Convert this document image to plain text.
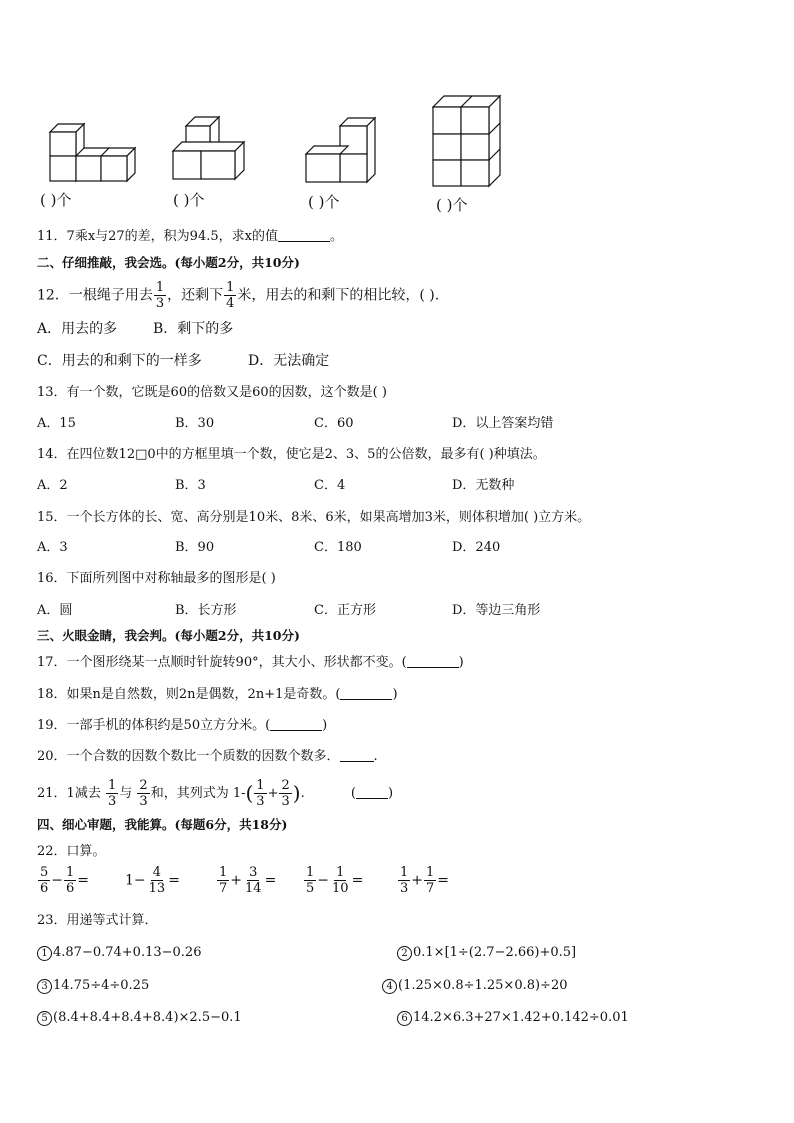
( )个	( )个	( )个	( )个
11．7乘x与27的差，积为94.5，求x的值	。
二、仔细推敲，我会选。(每小题2分，共10分)
12．一根绳子用去 $\frac{1}{3}$ ，还剩下 $\frac{1}{4}$ 米，用去的和剩下的相比较，( ).
A．用去的多	B．剩下的多
C．用去的和剩下的一样多	D．无法确定
13．有一个数，它既是60的倍数又是60的因数，这个数是( )
A．15	B．30	C．60	D．以上答案均错
14．在四位数12□0中的方框里填一个数，使它是2、3、5的公倍数，最多有( )种填法。
A．2	B．3	C．4	D．无数种
15．一个长方体的长、宽、高分别是10米、8米、6米，如果高增加3米，则体积增加( )立方米。
A．3	B．90	C．180	D．240
16．下面所列图中对称轴最多的图形是( )
A．圆	B．长方形	C．正方形	D．等边三角形
三、火眼金睛，我会判。(每小题2分，共10分)
17．一个图形绕某一点顺时针旋转90°，其大小、形状都不变。(	)
18．如果n是自然数，则2n是偶数，2n+1是奇数。(	)
19．一部手机的体积约是50立方分米。(	)
20．一个合数的因数个数比一个质数的因数个数多．	.
21．1减去 $\frac{1}{3}$ 与 $\frac{2}{3}$ 和，其列式为 $1-( \frac{1}{3} + \frac{2}{3}$ ).	( )
四、细心审题，我能算。(每题6分，共18分)
22．口算。
$\frac{5}{6} - \frac{1}{6}$ =	$1- \frac{4}{13}$ =	$\frac{1}{7} + \frac{3}{14} = \frac{1}{5} - \frac{1}{10}$ =	$\frac{1}{3} + \frac{1}{7}$ =
23．用递等式计算．
1 4.87−0.74+0.13−0.26	2 0.1×[1÷(2.7−2.66)+0.5]
3 14.75÷4÷0.25	4 (1.25×0.8÷1.25×0.8)÷20
5 (8.4+8.4+8.4+8.4)×2.5−0.1	6 14.2×6.3+27×1.42+0.142÷0.01
